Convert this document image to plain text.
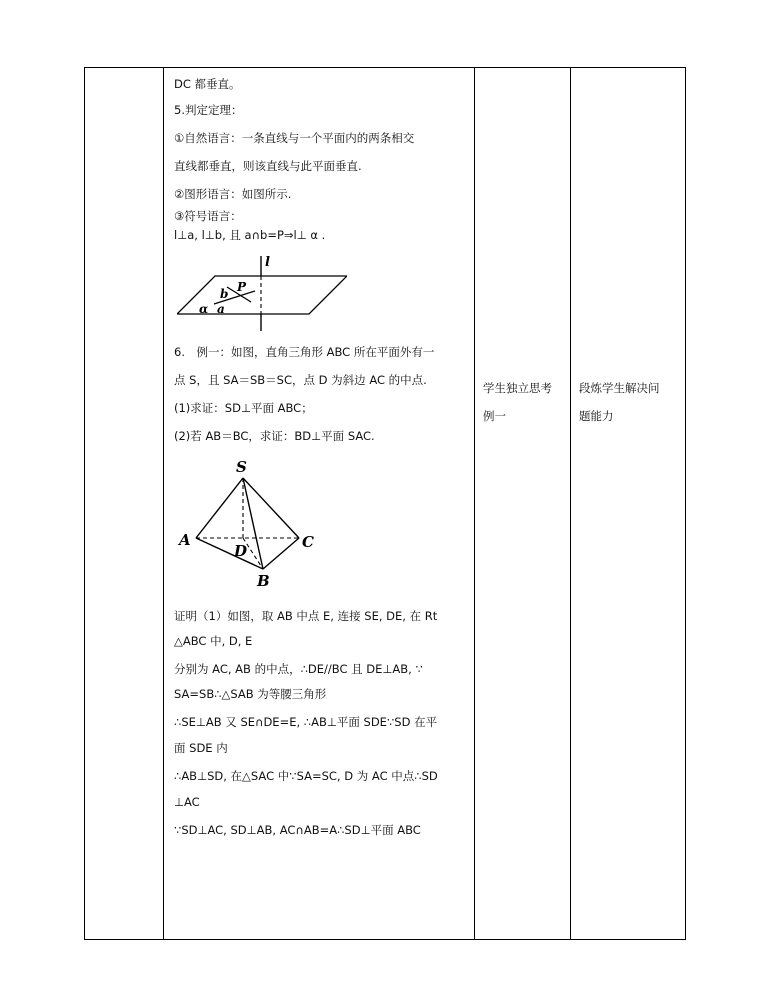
DC 都垂直。
5.判定定理：
①自然语言：一条直线与一个平面内的两条相交
直线都垂直，则该直线与此平面垂直.
②图形语言：如图所示.
③符号语言：
l⊥a, l⊥b, 且 a∩b=P⇒l⊥ α .
l
P
b
α a
6.　例一：如图，直角三角形 ABC 所在平面外有一
点 S，且 SA＝SB＝SC，点 D 为斜边 AC 的中点.
(1)求证：SD⊥平面 ABC；
(2)若 AB＝BC，求证：BD⊥平面 SAC.
S
A	C
D
B
证明（1）如图，取 AB 中点 E, 连接 SE, DE, 在 Rt
△ABC 中, D, E
分别为 AC, AB 的中点，∴DE//BC 且 DE⊥AB, ∵
SA=SB∴△SAB 为等腰三角形
∴SE⊥AB 又 SE∩DE=E, ∴AB⊥平面 SDE∵SD 在平
面 SDE 内
∴AB⊥SD, 在△SAC 中∵SA=SC, D 为 AC 中点∴SD
⊥AC
∵SD⊥AC, SD⊥AB, AC∩AB=A∴SD⊥平面 ABC
学生独立思考
例一
段炼学生解决问
题能力
